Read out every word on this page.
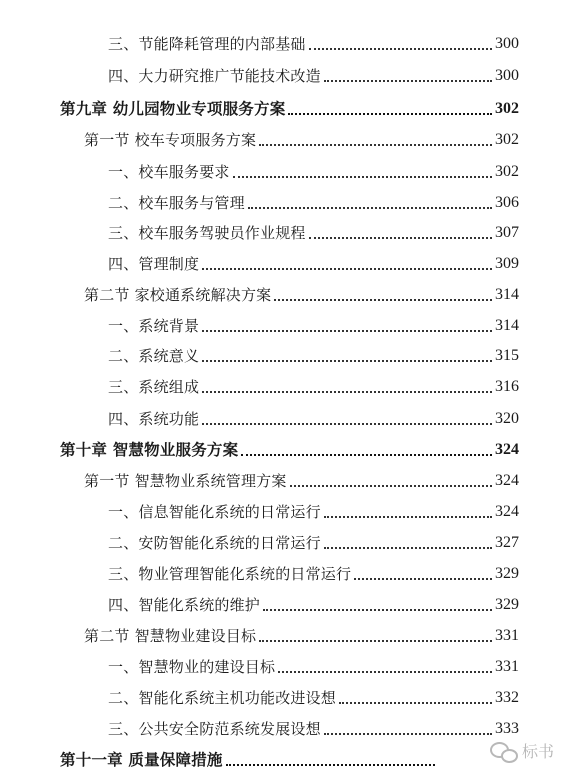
三、节能降耗管理的内部基础	300
四、大力研究推广节能技术改造	300
第九章 幼儿园物业专项服务方案	302
第一节 校车专项服务方案	302
一、校车服务要求	302
二、校车服务与管理	306
三、校车服务驾驶员作业规程	307
四、管理制度	309
第二节 家校通系统解决方案	314
一、系统背景	314
二、系统意义	315
三、系统组成	316
四、系统功能	320
第十章 智慧物业服务方案	324
第一节 智慧物业系统管理方案	324
一、信息智能化系统的日常运行	324
二、安防智能化系统的日常运行	327
三、物业管理智能化系统的日常运行	329
四、智能化系统的维护	329
第二节 智慧物业建设目标	331
一、智慧物业的建设目标	331
二、智能化系统主机功能改进设想	332
三、公共安全防范系统发展设想	333
第十一章 质量保障措施	标书
